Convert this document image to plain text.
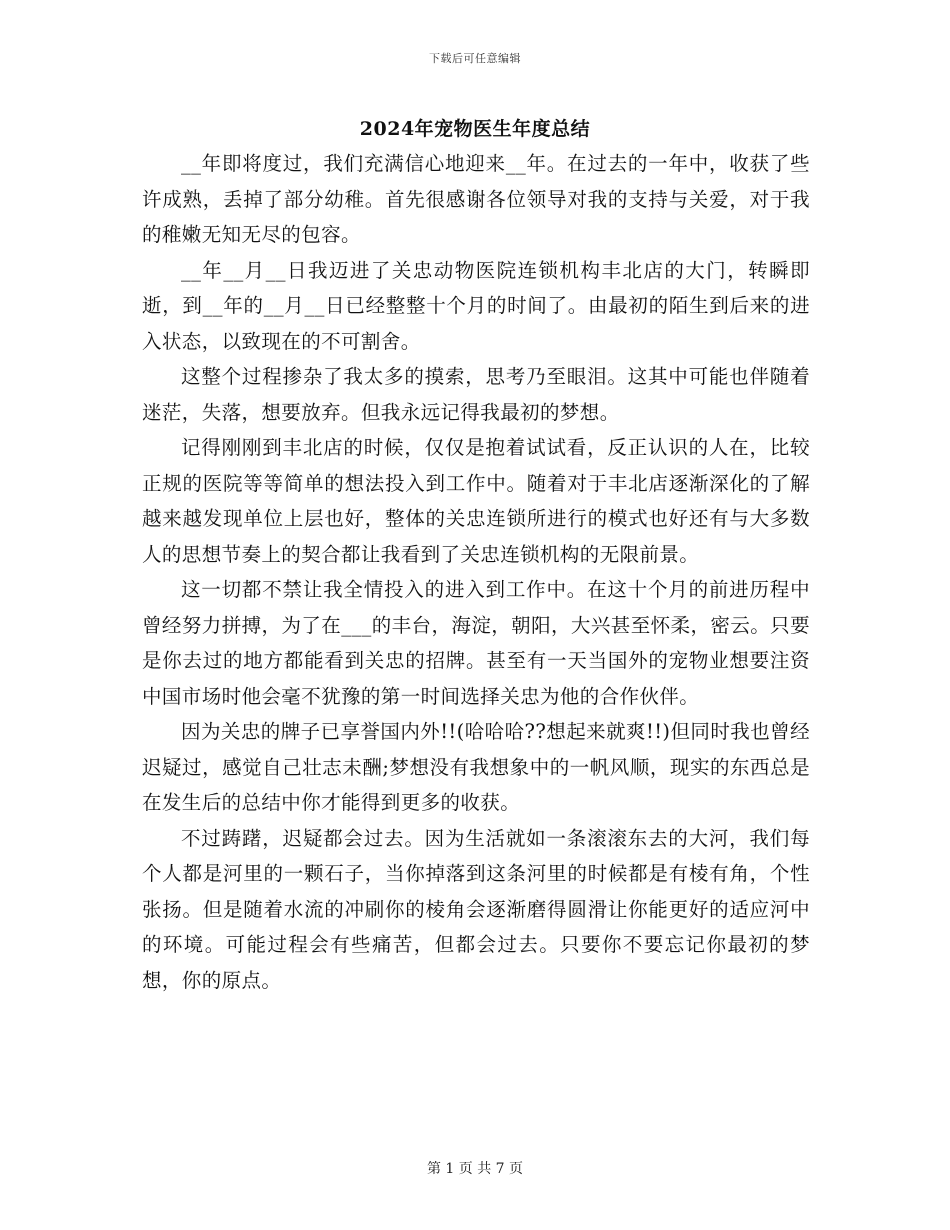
下载后可任意编辑
2024年宠物医生年度总结

__年即将度过，我们充满信心地迎来__年。在过去的一年中，收获了些许成熟，丢掉了部分幼稚。首先很感谢各位领导对我的支持与关爱，对于我的稚嫩无知无尽的包容。

__年__月__日我迈进了关忠动物医院连锁机构丰北店的大门，转瞬即逝，到__年的__月__日已经整整十个月的时间了。由最初的陌生到后来的进入状态，以致现在的不可割舍。

这整个过程掺杂了我太多的摸索，思考乃至眼泪。这其中可能也伴随着迷茫，失落，想要放弃。但我永远记得我最初的梦想。

记得刚刚到丰北店的时候，仅仅是抱着试试看，反正认识的人在，比较正规的医院等等简单的想法投入到工作中。随着对于丰北店逐渐深化的了解越来越发现单位上层也好，整体的关忠连锁所进行的模式也好还有与大多数人的思想节奏上的契合都让我看到了关忠连锁机构的无限前景。

这一切都不禁让我全情投入的进入到工作中。在这十个月的前进历程中曾经努力拼搏，为了在___的丰台，海淀，朝阳，大兴甚至怀柔，密云。只要是你去过的地方都能看到关忠的招牌。甚至有一天当国外的宠物业想要注资中国市场时他会毫不犹豫的第一时间选择关忠为他的合作伙伴。

因为关忠的牌子已享誉国内外!!(哈哈哈??想起来就爽!!)但同时我也曾经迟疑过，感觉自己壮志未酬;梦想没有我想象中的一帆风顺，现实的东西总是在发生后的总结中你才能得到更多的收获。

不过踌躇，迟疑都会过去。因为生活就如一条滚滚东去的大河，我们每个人都是河里的一颗石子，当你掉落到这条河里的时候都是有棱有角，个性张扬。但是随着水流的冲刷你的棱角会逐渐磨得圆滑让你能更好的适应河中的环境。可能过程会有些痛苦，但都会过去。只要你不要忘记你最初的梦想，你的原点。

第 1 页 共 7 页
